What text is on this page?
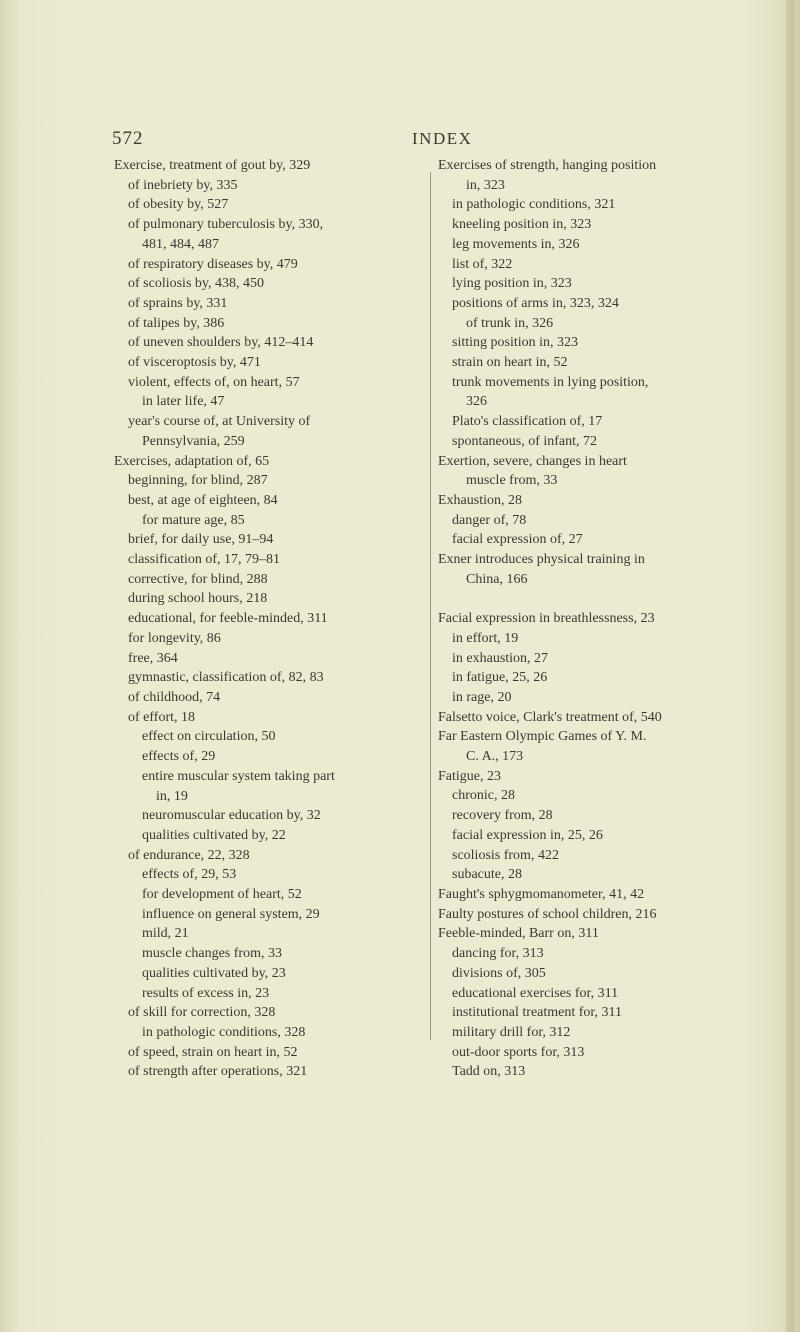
572	INDEX
Exercise, treatment of gout by, 329
of inebriety by, 335
of obesity by, 527
of pulmonary tuberculosis by, 330,
481, 484, 487
of respiratory diseases by, 479
of scoliosis by, 438, 450
of sprains by, 331
of talipes by, 386
of uneven shoulders by, 412–414
of visceroptosis by, 471
violent, effects of, on heart, 57
in later life, 47
year's course of, at University of
Pennsylvania, 259
Exercises, adaptation of, 65
beginning, for blind, 287
best, at age of eighteen, 84
for mature age, 85
brief, for daily use, 91–94
classification of, 17, 79–81
corrective, for blind, 288
during school hours, 218
educational, for feeble-minded, 311
for longevity, 86
free, 364
gymnastic, classification of, 82, 83
of childhood, 74
of effort, 18
effect on circulation, 50
effects of, 29
entire muscular system taking part
in, 19
neuromuscular education by, 32
qualities cultivated by, 22
of endurance, 22, 328
effects of, 29, 53
for development of heart, 52
influence on general system, 29
mild, 21
muscle changes from, 33
qualities cultivated by, 23
results of excess in, 23
of skill for correction, 328
in pathologic conditions, 328
of speed, strain on heart in, 52
of strength after operations, 321
Exercises of strength, hanging position
in, 323
in pathologic conditions, 321
kneeling position in, 323
leg movements in, 326
list of, 322
lying position in, 323
positions of arms in, 323, 324
of trunk in, 326
sitting position in, 323
strain on heart in, 52
trunk movements in lying position,
326
Plato's classification of, 17
spontaneous, of infant, 72
Exertion, severe, changes in heart
muscle from, 33
Exhaustion, 28
danger of, 78
facial expression of, 27
Exner introduces physical training in
China, 166
Facial expression in breathlessness, 23
in effort, 19
in exhaustion, 27
in fatigue, 25, 26
in rage, 20
Falsetto voice, Clark's treatment of, 540
Far Eastern Olympic Games of Y. M.
C. A., 173
Fatigue, 23
chronic, 28
recovery from, 28
facial expression in, 25, 26
scoliosis from, 422
subacute, 28
Faught's sphygmomanometer, 41, 42
Faulty postures of school children, 216
Feeble-minded, Barr on, 311
dancing for, 313
divisions of, 305
educational exercises for, 311
institutional treatment for, 311
military drill for, 312
out-door sports for, 313
Tadd on, 313
